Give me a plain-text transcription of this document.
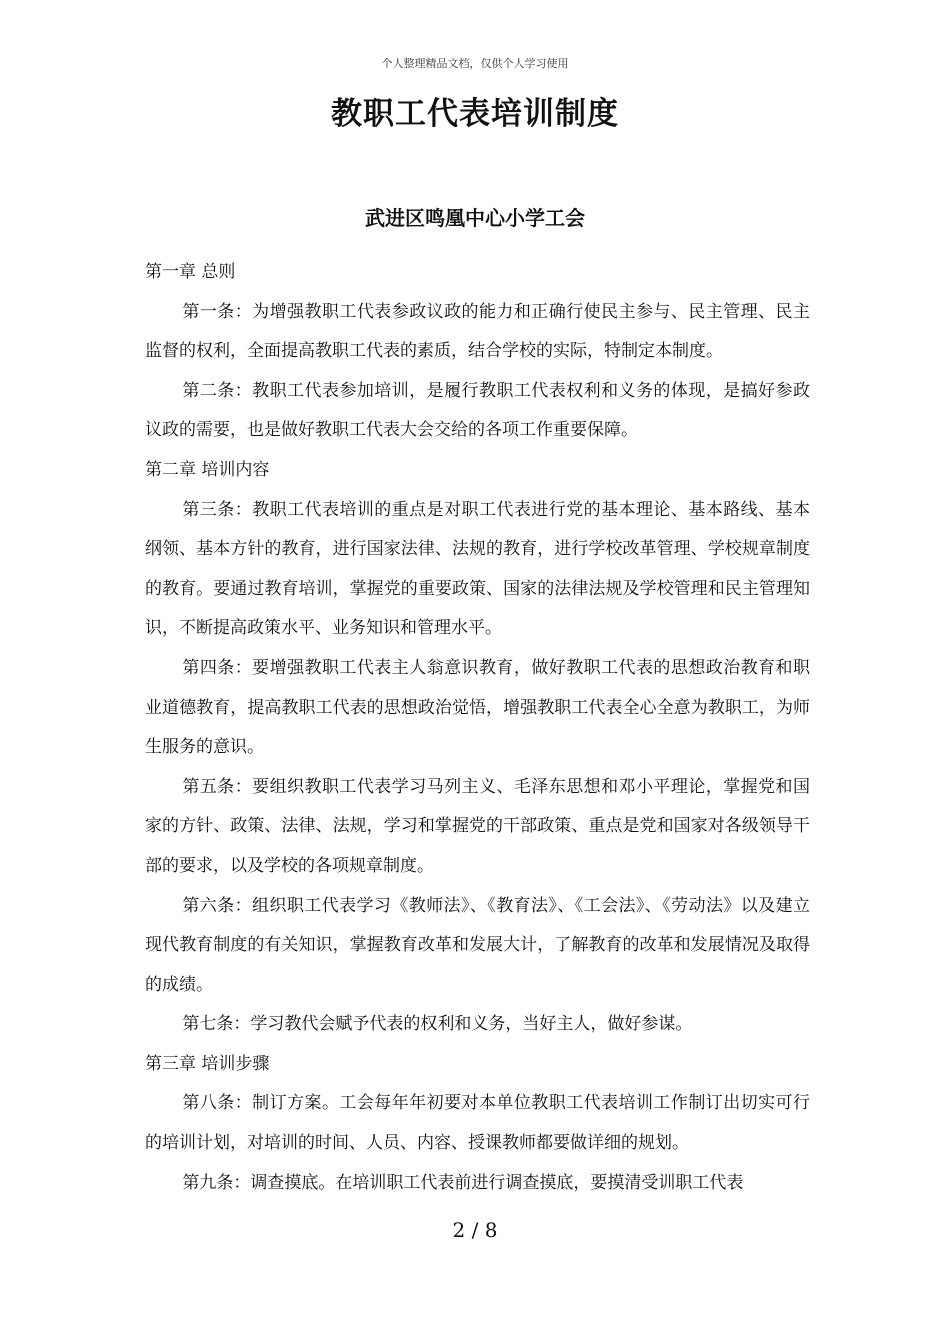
个人整理精品文档，仅供个人学习使用
教职工代表培训制度
武进区鸣凰中心小学工会

第一章 总则

第一条：为增强教职工代表参政议政的能力和正确行使民主参与、民主管理、民主监督的权利，全面提高教职工代表的素质，结合学校的实际，特制定本制度。

第二条：教职工代表参加培训，是履行教职工代表权利和义务的体现，是搞好参政议政的需要，也是做好教职工代表大会交给的各项工作重要保障。

第二章 培训内容

第三条：教职工代表培训的重点是对职工代表进行党的基本理论、基本路线、基本纲领、基本方针的教育，进行国家法律、法规的教育，进行学校改革管理、学校规章制度的教育。要通过教育培训，掌握党的重要政策、国家的法律法规及学校管理和民主管理知识，不断提高政策水平、业务知识和管理水平。

第四条：要增强教职工代表主人翁意识教育，做好教职工代表的思想政治教育和职业道德教育，提高教职工代表的思想政治觉悟，增强教职工代表全心全意为教职工，为师生服务的意识。

第五条：要组织教职工代表学习马列主义、毛泽东思想和邓小平理论，掌握党和国家的方针、政策、法律、法规，学习和掌握党的干部政策、重点是党和国家对各级领导干部的要求，以及学校的各项规章制度。

第六条：组织职工代表学习《教师法》、《教育法》、《工会法》、《劳动法》以及建立现代教育制度的有关知识，掌握教育改革和发展大计，了解教育的改革和发展情况及取得的成绩。

第七条：学习教代会赋予代表的权利和义务，当好主人，做好参谋。

第三章 培训步骤

第八条：制订方案。工会每年年初要对本单位教职工代表培训工作制订出切实可行的培训计划，对培训的时间、人员、内容、授课教师都要做详细的规划。

第九条：调查摸底。在培训职工代表前进行调查摸底，要摸清受训职工代表

2 / 8
